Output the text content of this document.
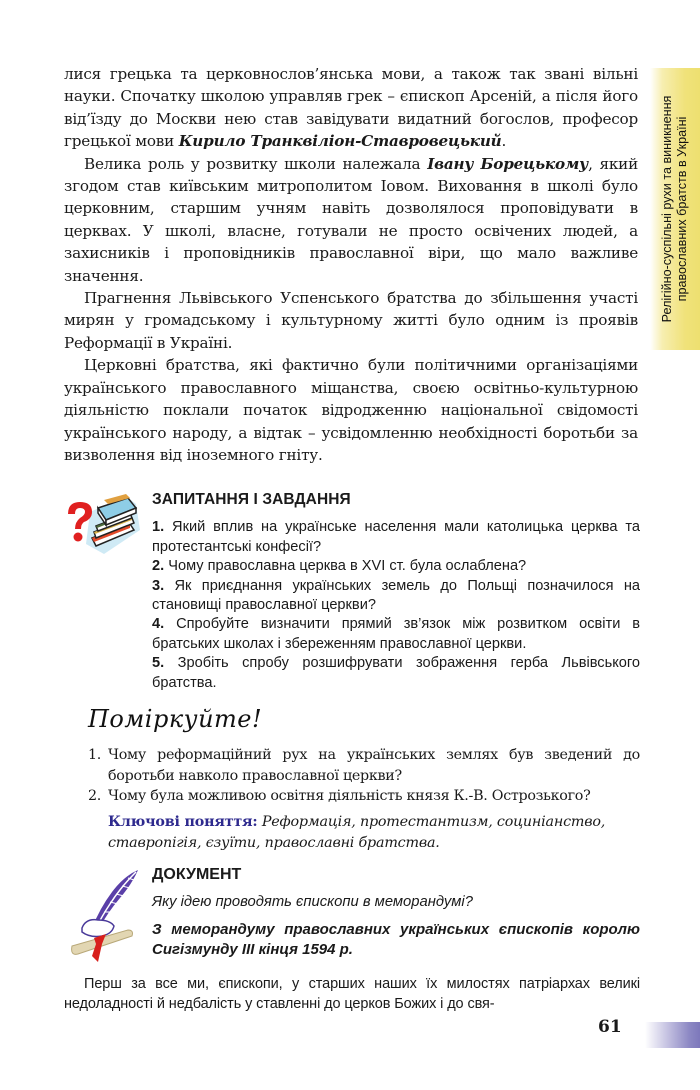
Релігійно-суспільні рухи та виникнення православних братств в Україні

лися грецька та церковнослов’янська мови, а також так звані вільні науки. Спочатку школою управляв грек – єпископ Арсеній, а після його від’їзду до Москви нею став завідувати видатний богослов, професор грецької мови Кирило Транквіліон-Ставровецький.

Велика роль у розвитку школи належала Івану Борецькому, який згодом став київським митрополитом Іовом. Виховання в школі було церковним, старшим учням навіть дозволялося проповідувати в церквах. У школі, власне, готували не просто освічених людей, а захисників і проповідників православної віри, що мало важливе значення.

Прагнення Львівського Успенського братства до збільшення участі мирян у громадському і культурному житті було одним із проявів Реформації в Україні.

Церковні братства, які фактично були політичними організаціями українського православного міщанства, своєю освітньо-культурною діяльністю поклали початок відродженню національної свідомості українського народу, а відтак – усвідомленню необхідності боротьби за визволення від іноземного гніту.

ЗАПИТАННЯ І ЗАВДАННЯ
1. Який вплив на українське населення мали католицька церква та протестантські конфесії?
2. Чому православна церква в XVI ст. була ослаблена?
3. Як приєднання українських земель до Польщі позначилося на становищі православної церкви?
4. Спробуйте визначити прямий зв’язок між розвитком освіти в братських школах і збереженням православної церкви.
5. Зробіть спробу розшифрувати зображення герба Львівського братства.
Поміркуйте!
1. Чому реформаційний рух на українських землях був зведений до боротьби навколо православної церкви?
2. Чому була можливою освітня діяльність князя К.-В. Острозького?
Ключові поняття: Реформація, протестантизм, социніанство, ставропігія, єзуїти, православні братства.
ДОКУМЕНТ
Яку ідею проводять єпископи в меморандумі?
З меморандуму православних українських єпископів королю Сигізмунду ІІІ кінця 1594 р.

Перш за все ми, єпископи, у старших наших їх милостях патріархах великі недоладності й недбалість у ставленні до церков Божих і до свя-

61
